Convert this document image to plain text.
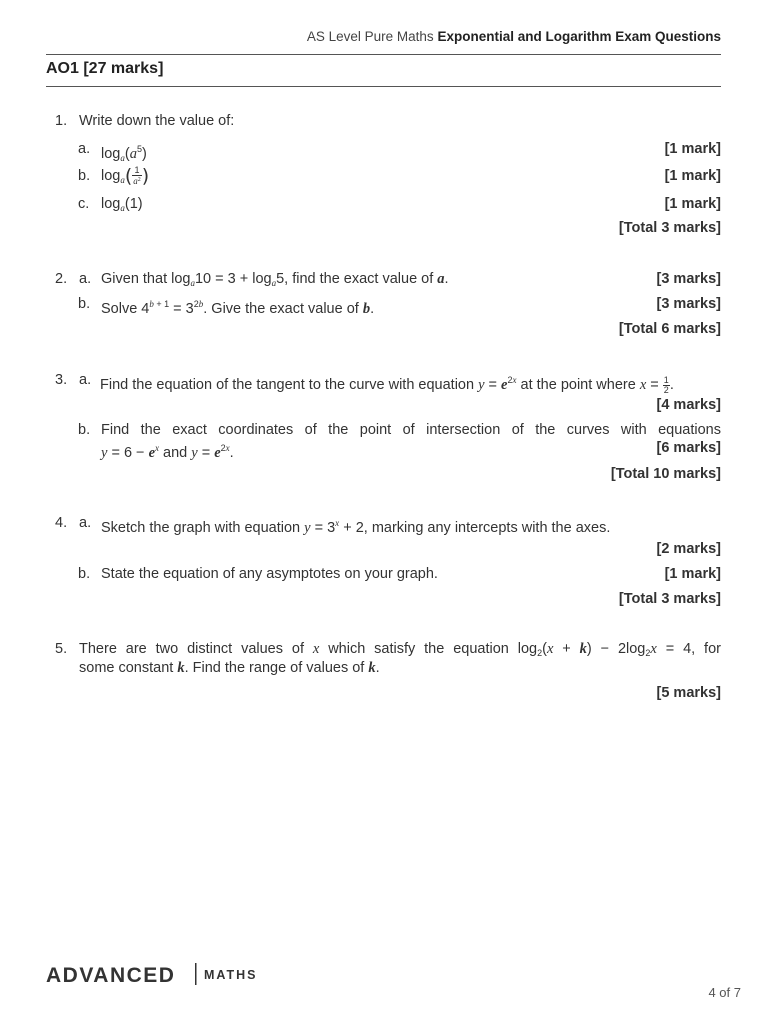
AS Level Pure Maths Exponential and Logarithm Exam Questions
AO1 [27 marks]
1. Write down the value of:
a. $\log_a(a^5)$	[1 mark]
b. $\log_a( \frac{1}{a^2}$ )	[1 mark]
c. $\log_a(1)$	[1 mark]
[Total 3 marks]
2. a. Given that $\log_a10 = 3 + \log_a5$, find the exact value of a.	[3 marks]
b. Solve $4^{b + 1} = 3^{2b}$. Give the exact value of b.	[3 marks]
[Total 6 marks]
3. a. Find the equation of the tangent to the curve with equation $y = e^{2x}$ at the point where $x = \frac{1}{2}$ .
[4 marks]
b. Find the exact coordinates of the point of intersection of the curves with equations
$y = 6 - e^x$ and $y = e^{2x}$.	[6 marks]
[Total 10 marks]
4. a. Sketch the graph with equation $y = 3^x + 2$, marking any intercepts with the axes.
[2 marks]
b. State the equation of any asymptotes on your graph.	[1 mark]
[Total 3 marks]
5. There are two distinct values of x which satisfy the equation $\log_2(x + k) - 2\log_2x = 4$, for
some constant k. Find the range of values of k.
[5 marks]
ADVANCED MATHS
4 of 7
